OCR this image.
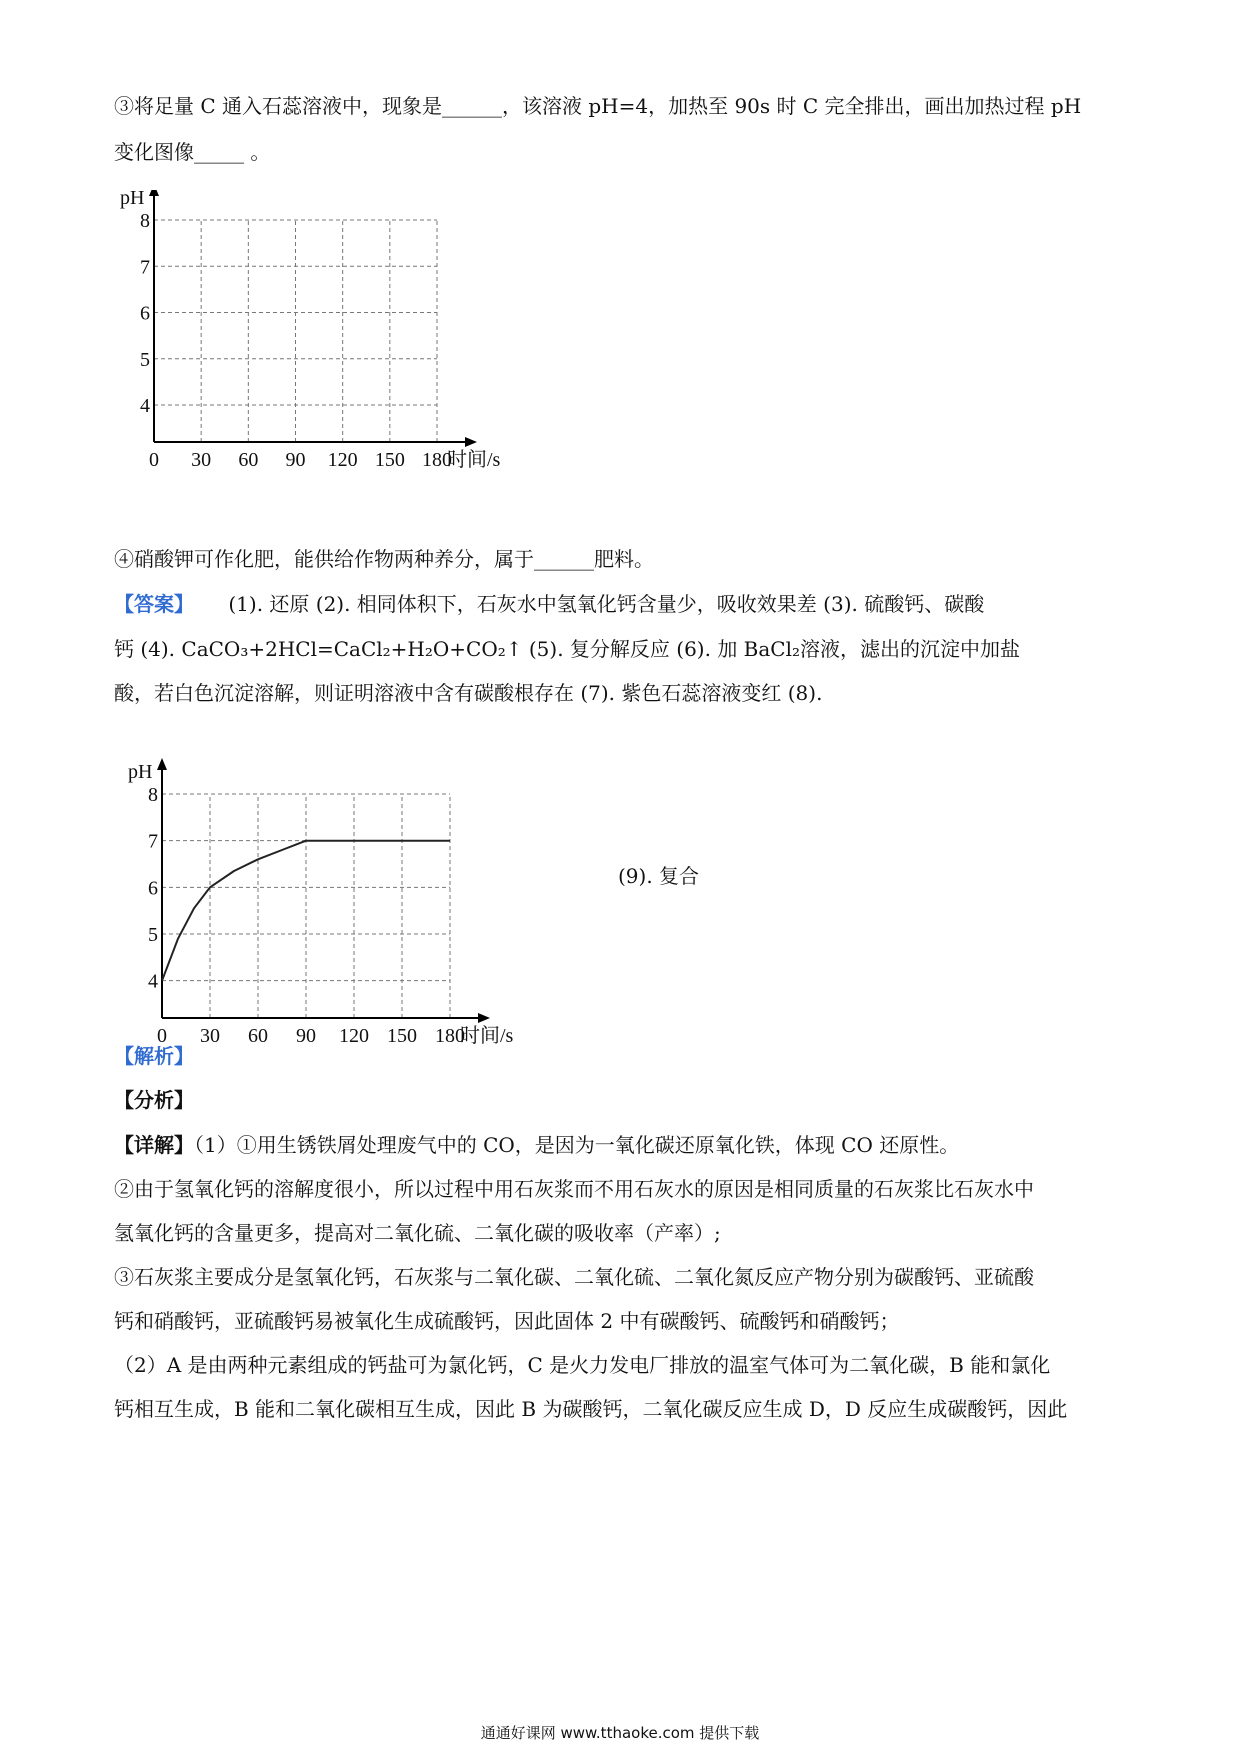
③将足量 C 通入石蕊溶液中，现象是______，该溶液 pH=4，加热至 90s 时 C 完全排出，画出加热过程 pH
变化图像_____ 。
0 30 60 90 120 150 180
4
5
6
7
8
pH
时间/s
④硝酸钾可作化肥，能供给作物两种养分，属于______肥料。
【答案】 (1). 还原 (2). 相同体积下，石灰水中氢氧化钙含量少，吸收效果差 (3). 硫酸钙、碳酸
钙 (4). CaCO₃+2HCl=CaCl₂+H₂O+CO₂↑ (5). 复分解反应 (6). 加 BaCl₂溶液，滤出的沉淀中加盐
酸，若白色沉淀溶解，则证明溶液中含有碳酸根存在 (7). 紫色石蕊溶液变红 (8).
0 30 60 90 120 150 180
4
5
6
7
8
pH
时间/s
(9). 复合
【解析】
【分析】
【详解】（1）①用生锈铁屑处理废气中的 CO，是因为一氧化碳还原氧化铁，体现 CO 还原性。
②由于氢氧化钙的溶解度很小，所以过程中用石灰浆而不用石灰水的原因是相同质量的石灰浆比石灰水中
氢氧化钙的含量更多，提高对二氧化硫、二氧化碳的吸收率（产率）;
③石灰浆主要成分是氢氧化钙，石灰浆与二氧化碳、二氧化硫、二氧化氮反应产物分别为碳酸钙、亚硫酸
钙和硝酸钙，亚硫酸钙易被氧化生成硫酸钙，因此固体 2 中有碳酸钙、硫酸钙和硝酸钙；
（2）A 是由两种元素组成的钙盐可为氯化钙，C 是火力发电厂排放的温室气体可为二氧化碳，B 能和氯化
钙相互生成，B 能和二氧化碳相互生成，因此 B 为碳酸钙，二氧化碳反应生成 D，D 反应生成碳酸钙，因此
通通好课网 www.tthaoke.com 提供下载
